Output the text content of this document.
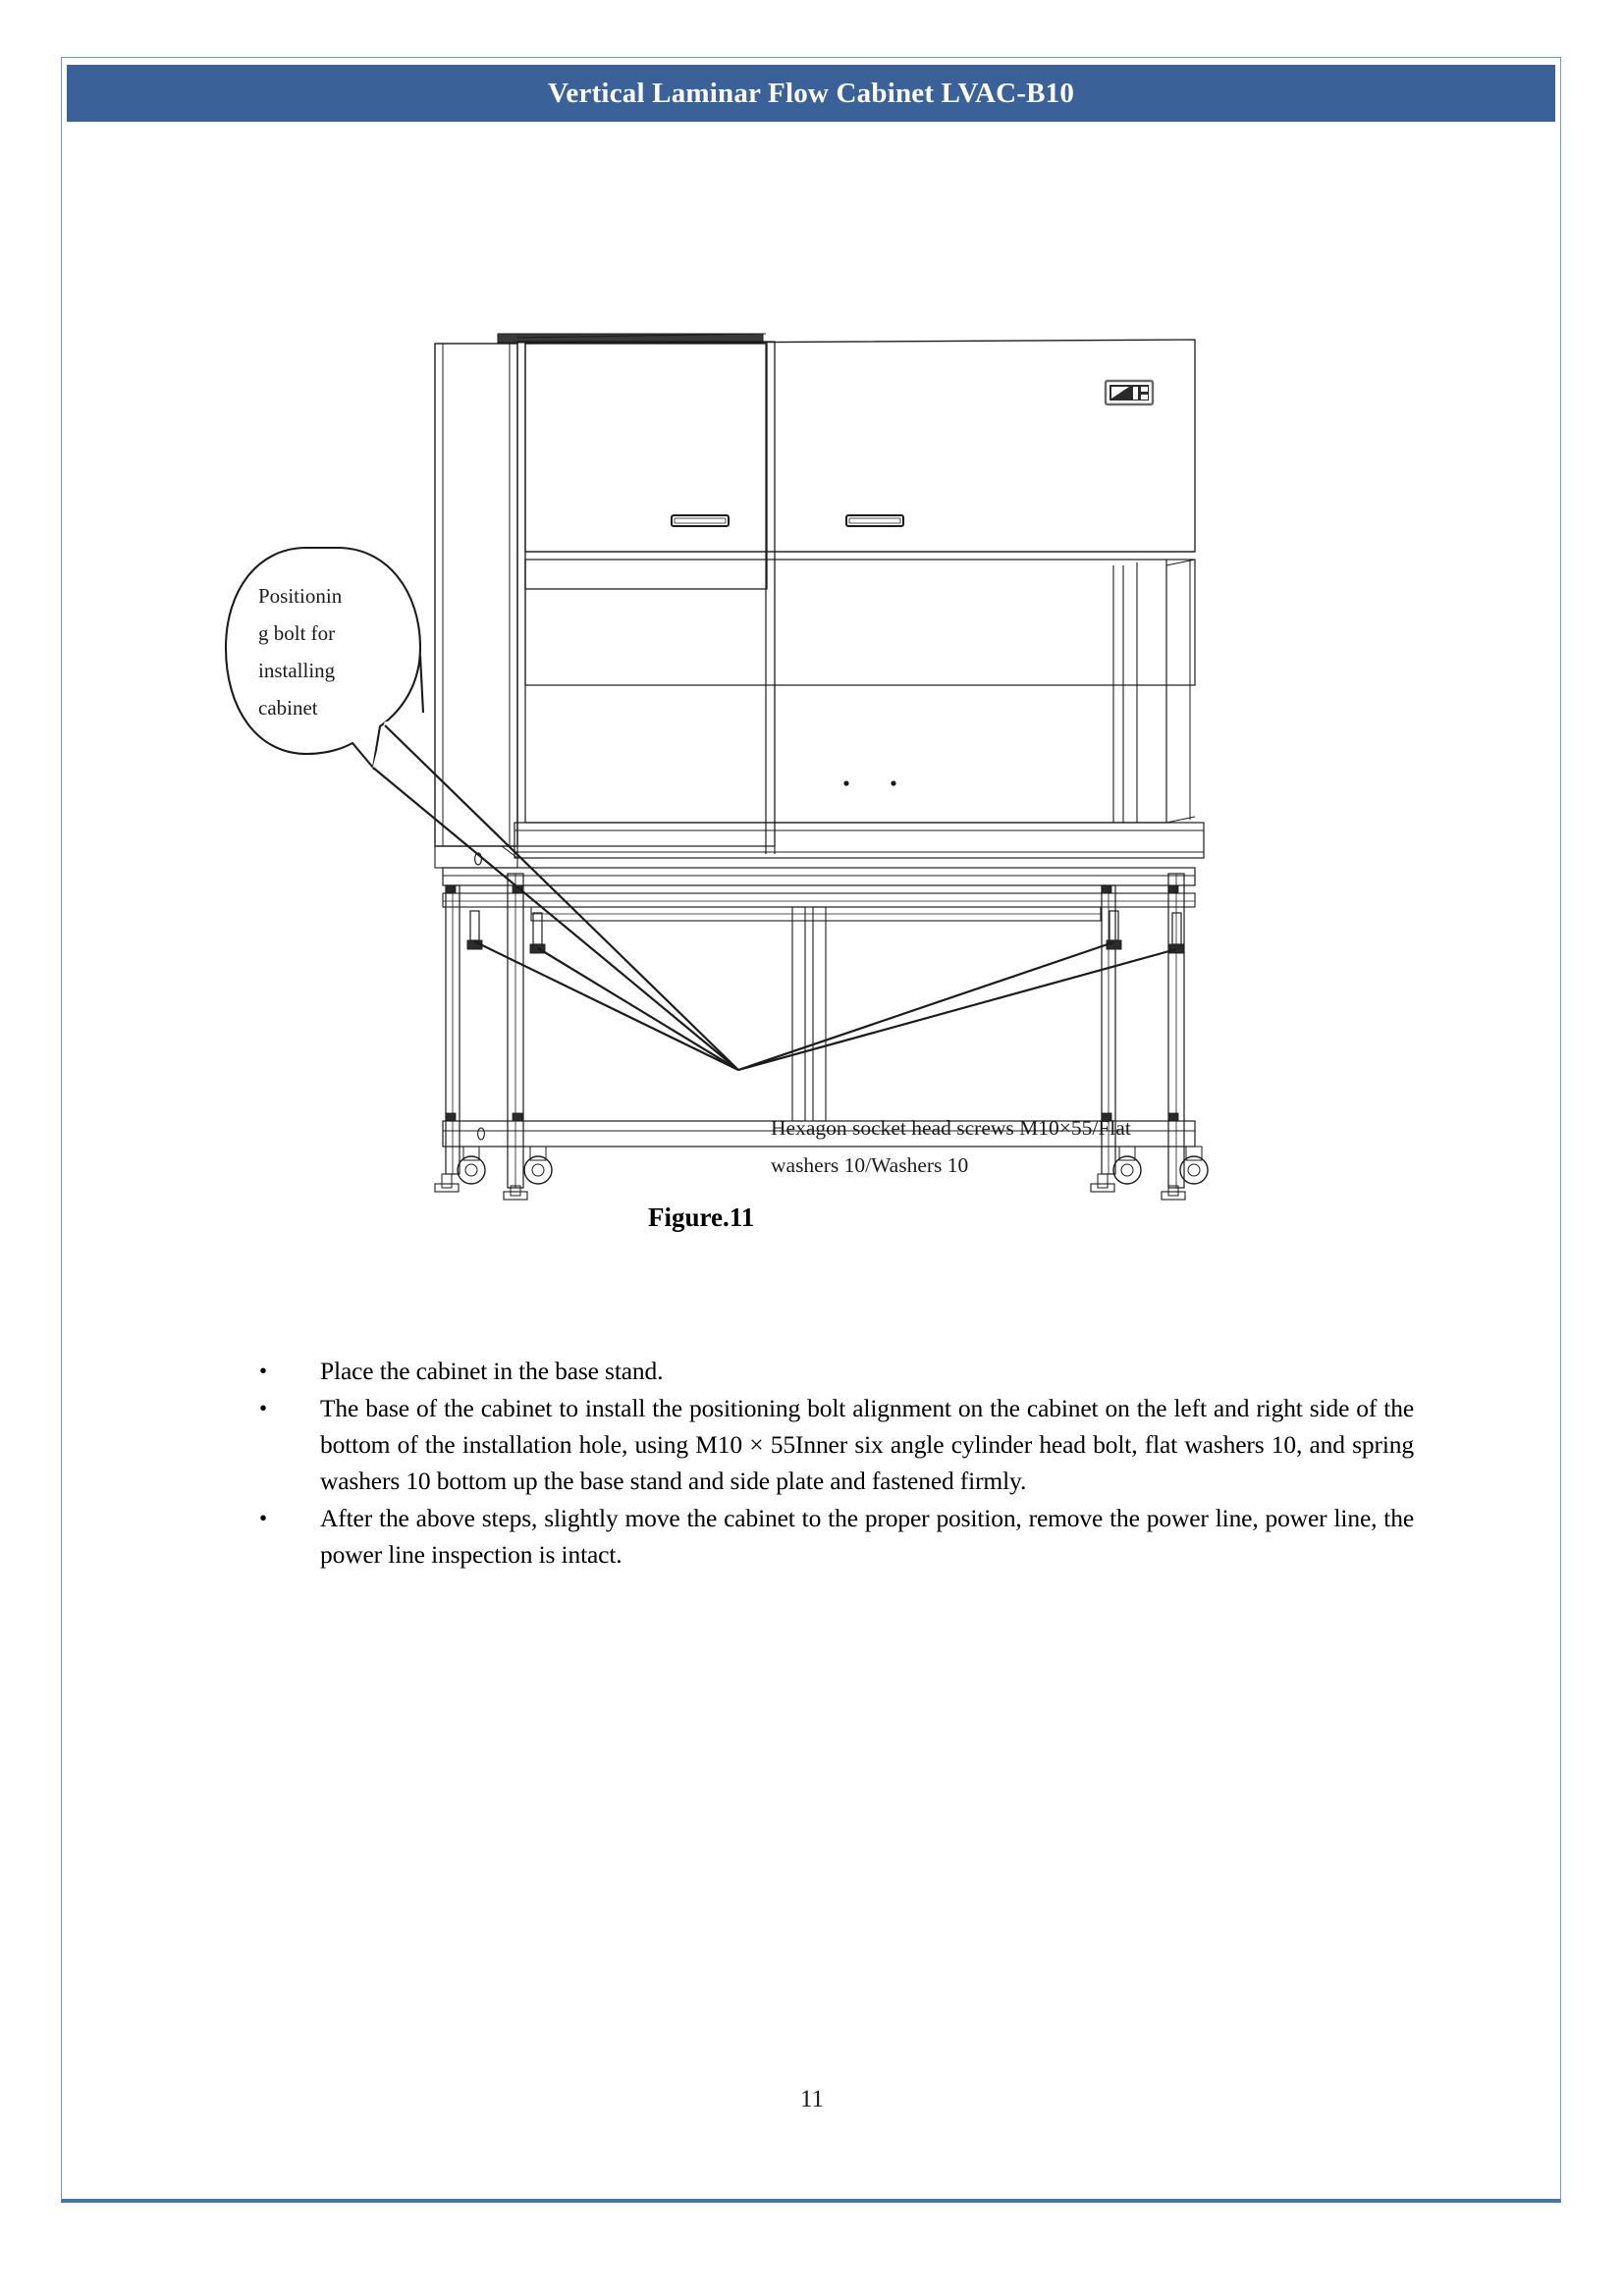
Vertical Laminar Flow Cabinet LVAC-B10
Positionin
g bolt for
installing
cabinet
Hexagon socket head screws M10×55/Flat
washers 10/Washers 10
Figure.11
•	Place the cabinet in the base stand.
•	The base of the cabinet to install the positioning bolt alignment on the cabinet on the left and right side of the bottom of the installation hole, using M10 × 55Inner six angle cylinder head bolt, flat washers 10, and spring washers 10 bottom up the base stand and side plate and fastened firmly.
•	After the above steps, slightly move the cabinet to the proper position, remove the power line, power line, the power line inspection is intact.
11
